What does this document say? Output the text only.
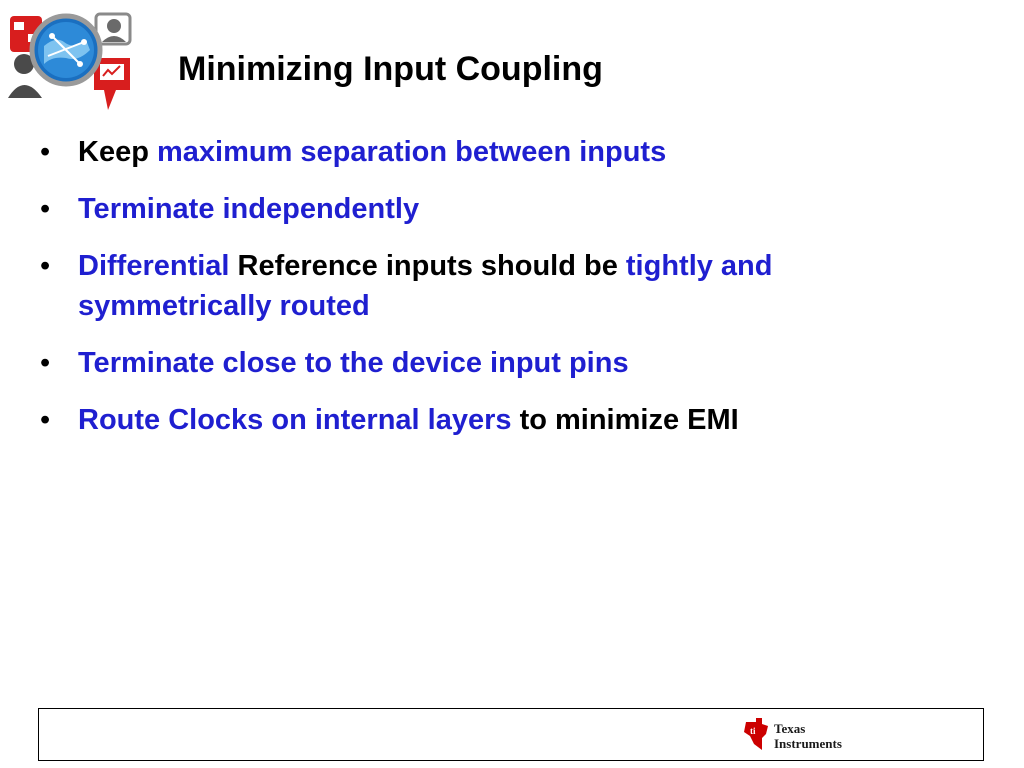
Minimizing Input Coupling
• Keep maximum separation between inputs
• Terminate independently
• Differential Reference inputs should be tightly and symmetrically routed
• Terminate close to the device input pins
• Route Clocks on internal layers to minimize EMI
ti Texas
Instruments
